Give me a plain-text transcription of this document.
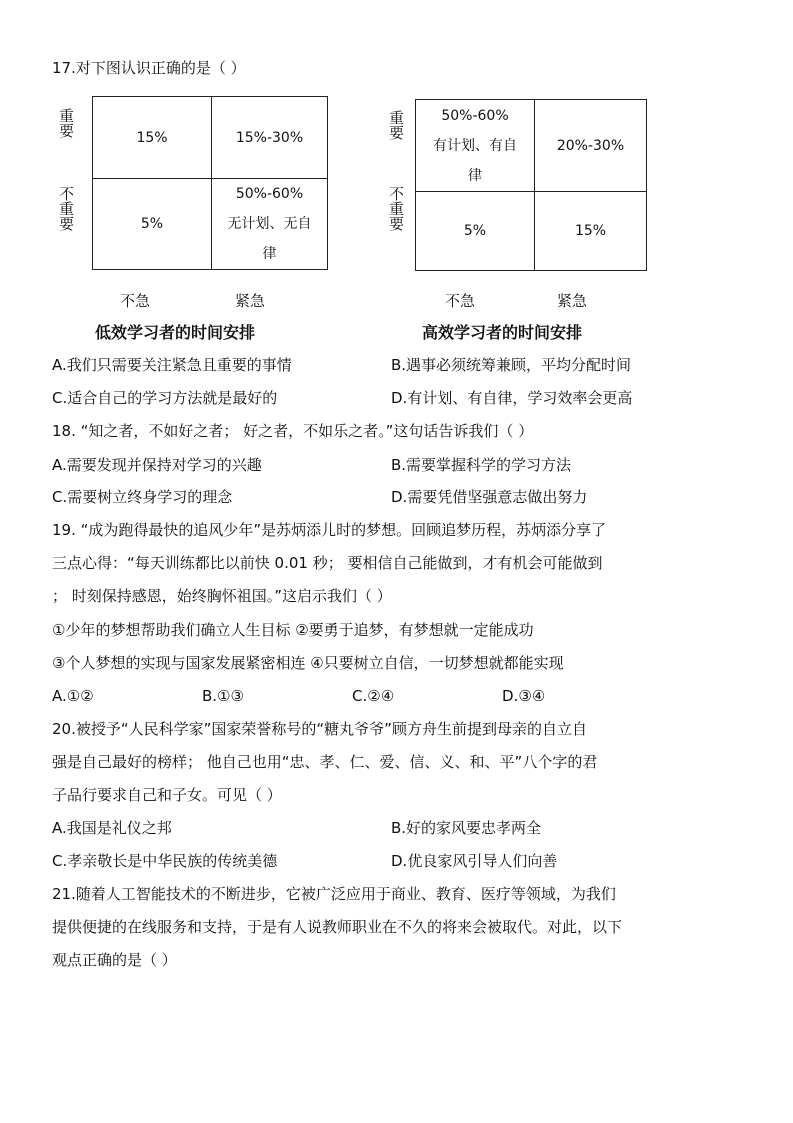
17.对下图认识正确的是（ ）
重要
不重要
15%	15%-30%

5%	50%-60%
无计划、无自
律
不急	紧急
低效学习者的时间安排
重要
不重要
50%-60%
有计划、有自
律	20%-30%

5%	15%
不急	紧急
高效学习者的时间安排
A.我们只需要关注紧急且重要的事情	B.遇事必须统筹兼顾，平均分配时间
C.适合自己的学习方法就是最好的	D.有计划、有自律，学习效率会更高
18. “知之者，不如好之者； 好之者，不如乐之者。”这句话告诉我们（ ）
A.需要发现并保持对学习的兴趣	B.需要掌握科学的学习方法
C.需要树立终身学习的理念	D.需要凭借坚强意志做出努力
19. “成为跑得最快的追风少年”是苏炳添儿时的梦想。回顾追梦历程，苏炳添分享了
三点心得：“每天训练都比以前快 0.01 秒； 要相信自己能做到，才有机会可能做到
； 时刻保持感恩，始终胸怀祖国。”这启示我们（ ）
①少年的梦想帮助我们确立人生目标 ②要勇于追梦，有梦想就一定能成功
③个人梦想的实现与国家发展紧密相连 ④只要树立自信，一切梦想就都能实现
A.①②	B.①③	C.②④	D.③④
20.被授予“人民科学家”国家荣誉称号的“糖丸爷爷”顾方舟生前提到母亲的自立自
强是自己最好的榜样； 他自己也用“忠、孝、仁、爱、信、义、和、平”八个字的君
子品行要求自己和子女。可见（ ）
A.我国是礼仪之邦	B.好的家风要忠孝两全
C.孝亲敬长是中华民族的传统美德	D.优良家风引导人们向善
21.随着人工智能技术的不断进步，它被广泛应用于商业、教育、医疗等领域，为我们
提供便捷的在线服务和支持，于是有人说教师职业在不久的将来会被取代。对此，以下
观点正确的是（ ）
